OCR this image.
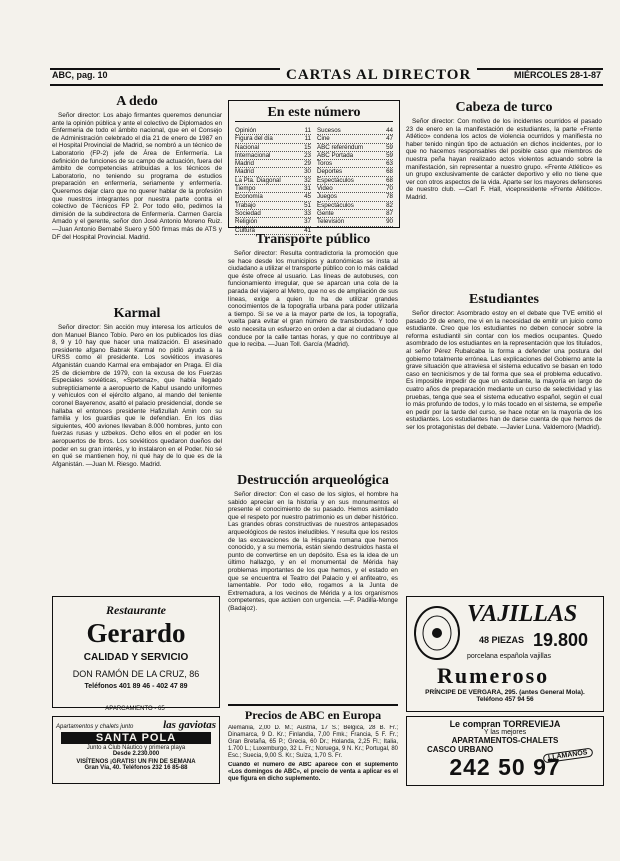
ABC, pag. 10	CARTAS AL DIRECTOR	MIÉRCOLES 28-1-87
A dedo

Señor director: Los abajo firmantes queremos denunciar ante la opinión pública y ante el colectivo de Diplomados en Enfermería de todo el ámbito nacional, que en el Consejo de Administración celebrado el día 21 de enero de 1987 en el Hospital Provincial de Madrid, se nombró a un técnico de Laboratorio (FP-2) jefe de Área de Enfermería. La definición de funciones de su campo de actuación, fuera del ámbito de competencias atribuidas a los técnicos de Laboratorio, no teniendo su programa de estudios preparación en enfermería, seriamente y enfermería. Queremos dejar claro que no querer hablar de la profesión que nuestros integrantes por nuestra parte contra el colectivo de Técnicos FP 2. Por todo ello, pedimos la dimisión de la subdirectora de Enfermería. Carmen García Amado y el gerente, señor don José Antonio Moreno Ruiz. —Juan Antonio Bernabé Suero y 500 firmas más de ATS y DF del Hospital Provincial. Madrid.

Karmal

Señor director: Sin acción muy interesa los artículos de don Manuel Blanco Tobío. Pero en los publicados los días 8, 9 y 10 hay que hacer una matización. El asesinado presidente afgano Babrak Karmal no pidió ayuda a la URSS como él presidente. Los soviéticos invasores Afganistán cuando Karmal era embajador en Praga. El día 25 de diciembre de 1979, con la excusa de los Fuerzas Especiales soviéticas, «Spetsnaz», que había llegado subrepticiamente a aeropuerto de Kabul usando uniformes y vehículos con el ejército afgano, al mando del teniente coronel Bayerenov, asaltó el palacio presidencial, donde se hallaba el entonces presidente Hafizullah Amin con su familia y los guardias que le defendían. En los días siguientes, 400 aviones llevaban 8.000 hombres, junto con fuerzas rusas y uzbekos. Ocho ellos en el poder en los aeropuertos de Ibros. Los soviéticos quedaron dueños del poder en su gran interés, y lo instalaron en el Poder. No sé en qué se mantienen hoy, ni qué hay de lo que es de la Afganistán. —Juan M. Riesgo. Madrid.

Restaurante
Gerardo
CALIDAD Y SERVICIO
DON RAMÓN DE LA CRUZ, 86
Teléfonos 401 89 46 - 402 47 89
APARCAMIENTO - 65
Apartamentos y chalets junto	las gaviotas
SANTA POLA
Junto a Club Náutico y primera playa
Desde 2.230.000
VISÍTENOS ¡GRATIS! UN FIN DE SEMANA
Gran Vía, 40. Teléfonos 232 16 85-88
En este número
Opinión	11
Figura del día	11
Nacional	15
Internacional	23
Madrid	29
Madrid	30
La Pta. Diagonal	32
Tiempo	31
Economía	45
Trabajo	51
Sociedad	33
Religión	37
Cultura	41
Sucesos	44
Cine	47
ABC referéndum	59
ABC Portada	59
Toros	63
Deportes	68
Espectáculos	68
Video	70
Juegos	78
Espectáculos	82
Gente	87
Televisión	90
Transporte público

Señor director: Resulta contradictoria la promoción que se hace desde los municipios y autonómicas se insta al ciudadano a utilizar el transporte público con lo más calidad que éste ofrece al usuario. Las líneas de autobuses, con funcionamiento irregular, que se aparcan una cola de la parada del viajero al Metro, que no es de ampliación de sus líneas, exige a quien lo ha de utilizar grandes conocimientos de la topografía urbana para poder utilizarla a tiempo. Si se ve a la mayor parte de los, la topografía, vuelta para evitar el gran número de transbordos. Y todo esto necesita un esfuerzo en orden a dar al ciudadano que conduce por la calle tantas horas, y que no contribuye al que lo reciba. —Juan Toll. García (Madrid).

Destrucción arqueológica

Señor director: Con el caso de los siglos, el hombre ha sabido apreciar en la historia y en sus monumentos el presente el conocimiento de su pasado. Hemos asimilado que el respeto por nuestro patrimonio es un deber histórico. Las grandes obras constructivas de nuestros antepasados arqueológicos de restos ineludibles. Y resulta que los restos de las excavaciones de la Hispania romana que hemos conocido, y a su memoria, están siendo destruidos hasta el punto de convertirse en un depósito. Esa es la idea de un último hallazgo, y en el monumental de Mérida hay problemas importantes de los que hemos, y el estado en que se encuentra el Teatro del Palacio y el anfiteatro, es lamentable. Por todo ello, rogamos a la Junta de Extremadura, a los vecinos de Mérida y a los organismos competentes, que actúen con urgencia. —F. Padilla-Monge (Badajoz).

Precios de ABC en Europa
Alemania, 2,00 D. M.; Austria, 17 S.; Bélgica, 28 B. Fr.; Dinamarca, 9 D. Kr.; Finlandia, 7,00 Fmk.; Francia, 5 F. Fr.; Gran Bretaña, 65 P.; Grecia, 60 Dr.; Holanda, 2,25 Fl.; Italia, 1.700 L.; Luxemburgo, 32 L. Fr.; Noruega, 9 N. Kr.; Portugal, 80 Esc.; Suecia, 9,00 S. Kr.; Suiza, 1,70 S. Fr.
Cuando el número de ABC aparece con el suplemento «Los domingos de ABC», el precio de venta a aplicar es el que figura en dicho suplemento.
Cabeza de turco

Señor director: Con motivo de los incidentes ocurridos el pasado 23 de enero en la manifestación de estudiantes, la parte «Frente Atlético» condena los actos de violencia ocurridos y manifiesta no haber tenido ningún tipo de actuación en dichos incidentes, por lo que no hacemos responsables del posible caso que miembros de nuestra peña hayan realizado actos violentos actuando sobre la manifestación, sin representar a nuestro grupo. «Frente Atlético» es un grupo exclusivamente de carácter deportivo y ello no tiene que ver con otros aspectos de la vida. Aparte ser los mayores defensores de nuestro club. —Carl F. Hall, vicepresidente «Frente Atlético». Madrid.

Estudiantes

Señor director: Asombrado estoy en el debate que TVE emitió el pasado 29 de enero, me vi en la necesidad de emitir un juicio como estudiante. Creo que los estudiantes no deben conocer sobre la reforma estudiantil sin contar con los medios ocupantes. Quedo asombrado de los estudiantes en la representación que los titulados, al señor Pérez Rubalcaba la forma a defender una postura del gobierno totalmente errónea. Las explicaciones del Gobierno ante la grave situación que atraviesa el sistema educativo se basan en todo caso en tecnicismos y de tal forma que sea el problema educativo. Es imposible impedir de que un estudiante, la mayoría en largo de cuatro años de preparación mediante un curso de selectividad y las pruebas, tenga que sea el sistema educativo español, según el cual lo más profundo de todos, y lo más tocado en el sistema, se empeñe en pedir por la tarde del curso, se hace notar en la mayoría de los estudiantes. Los estudiantes han de darse cuenta de que hemos de ser los protagonistas del debate. —Javier Luna. Valdemoro (Madrid).

VAJILLAS
48 PIEZAS 19.800
porcelana española vajillas
Rumeroso
PRÍNCIPE DE VERGARA, 295. (antes General Mola). Teléfono 457 94 56
Le compran TORREVIEJA
Y las mejores
APARTAMENTOS-CHALETS
CASCO URBANO	LLAMANOS
242 50 97
